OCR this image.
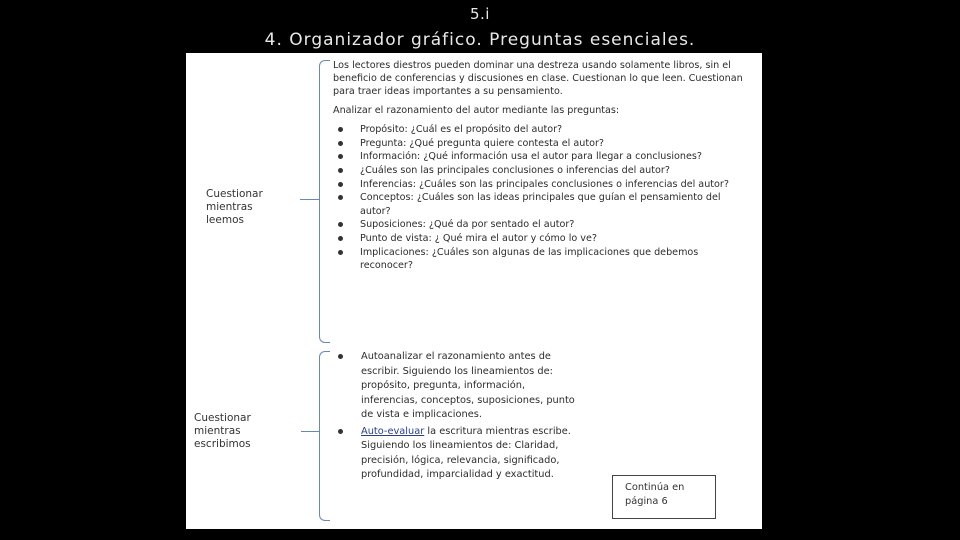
5.i
4. Organizador gráfico. Preguntas esenciales.
Cuestionar
mientras
leemos
Cuestionar
mientras
escribimos

Los lectores diestros pueden dominar una destreza usando solamente libros, sin el beneficio de conferencias y discusiones en clase. Cuestionan lo que leen. Cuestionan para traer ideas importantes a su pensamiento.

Analizar el razonamiento del autor mediante las preguntas:

Propósito: ¿Cuál es el propósito del autor?
Pregunta: ¿Qué pregunta quiere contesta el autor?
Información: ¿Qué información usa el autor para llegar a conclusiones?
¿Cuáles son las principales conclusiones o inferencias del autor?
Inferencias: ¿Cuáles son las principales conclusiones o inferencias del autor?
Conceptos: ¿Cuáles son las ideas principales que guían el pensamiento del autor?
Suposiciones: ¿Qué da por sentado el autor?
Punto de vista: ¿ Qué mira el autor y cómo lo ve?
Implicaciones: ¿Cuáles son algunas de las implicaciones que debemos reconocer?
Autoanalizar el razonamiento antes de escribir. Siguiendo los lineamientos de: propósito, pregunta, información, inferencias, conceptos, suposiciones, punto de vista e implicaciones.
Auto-evaluar la escritura mientras escribe. Siguiendo los lineamientos de: Claridad, precisión, lógica, relevancia, significado, profundidad, imparcialidad y exactitud.
Continúa en
página 6
